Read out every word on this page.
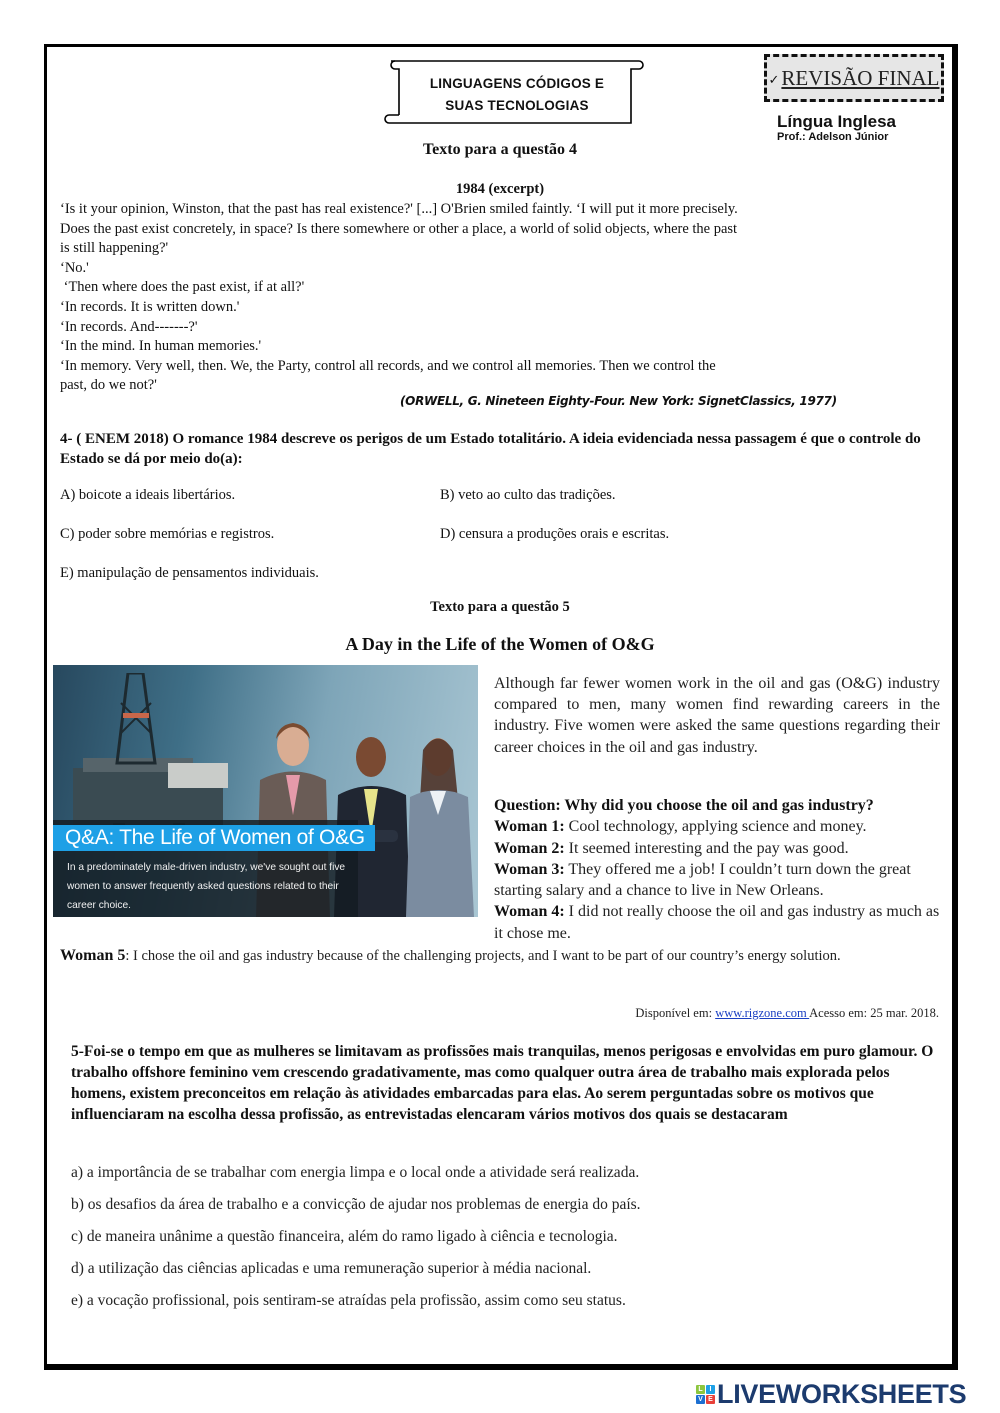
LINGUAGENS CÓDIGOS E
SUAS TECNOLOGIAS
✓ REVISÃO FINAL
Língua Inglesa
Prof.: Adelson Júnior
Texto para a questão 4
1984 (excerpt)

‘Is it your opinion, Winston, that the past has real existence?' [...] O'Brien smiled faintly. ‘I will put it more precisely.

Does the past exist concretely, in space? Is there somewhere or other a place, a world of solid objects, where the past

is still happening?'

‘No.'

‘Then where does the past exist, if at all?'

‘In records. It is written down.'

‘In records. And-------?'

‘In the mind. In human memories.'

‘In memory. Very well, then. We, the Party, control all records, and we control all memories. Then we control the

past, do we not?'

(ORWELL, G. Nineteen Eighty-Four. New York: SignetClassics, 1977)
4- ( ENEM 2018) O romance 1984 descreve os perigos de um Estado totalitário. A ideia evidenciada nessa passagem é que o controle do Estado se dá por meio do(a):
A) boicote a ideais libertários.	B) veto ao culto das tradições.
C) poder sobre memórias e registros.	D) censura a produções orais e escritas.
E) manipulação de pensamentos individuais.
Texto para a questão 5
A Day in the Life of the Women of O&G
Q&A: The Life of Women of O&G
In a predominately male-driven industry, we've sought out five women to answer frequently asked questions related to their career choice.
Although far fewer women work in the oil and gas (O&G) industry compared to men, many women find rewarding careers in the industry. Five women were asked the same questions regarding their career choices in the oil and gas industry.
Question: Why did you choose the oil and gas industry?
Woman 1: Cool technology, applying science and money.
Woman 2: It seemed interesting and the pay was good.
Woman 3: They offered me a job! I couldn’t turn down the great starting salary and a chance to live in New Orleans.
Woman 4: I did not really choose the oil and gas industry as much as it chose me.
Woman 5: I chose the oil and gas industry because of the challenging projects, and I want to be part of our country’s energy solution.
Disponível em: www.rigzone.com Acesso em: 25 mar. 2018.
5-Foi-se o tempo em que as mulheres se limitavam as profissões mais tranquilas, menos perigosas e envolvidas em puro glamour. O trabalho offshore feminino vem crescendo gradativamente, mas como qualquer outra área de trabalho mais explorada pelos homens, existem preconceitos em relação às atividades embarcadas para elas. Ao serem perguntadas sobre os motivos que influenciaram na escolha dessa profissão, as entrevistadas elencaram vários motivos dos quais se destacaram
a) a importância de se trabalhar com energia limpa e o local onde a atividade será realizada.
b) os desafios da área de trabalho e a convicção de ajudar nos problemas de energia do país.
c) de maneira unânime a questão financeira, além do ramo ligado à ciência e tecnologia.
d) a utilização das ciências aplicadas e uma remuneração superior à média nacional.
e) a vocação profissional, pois sentiram-se atraídas pela profissão, assim como seu status.
L I
V E LIVEWORKSHEETS
